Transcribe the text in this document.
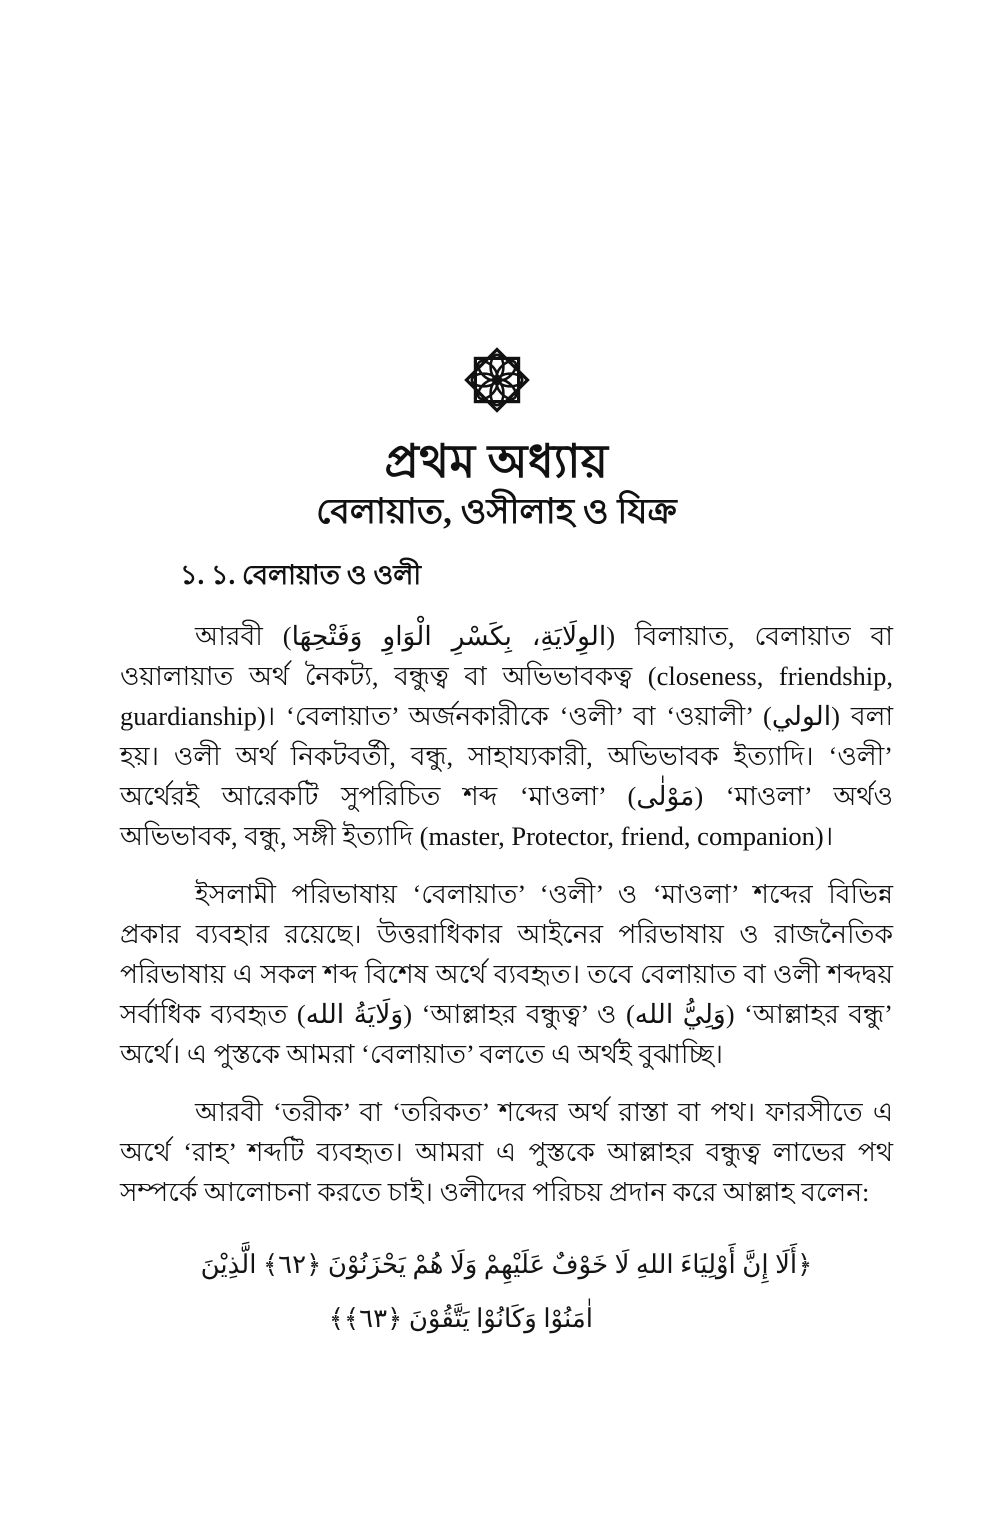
প্রথম অধ্যায়
বেলায়াত, ওসীলাহ ও যিক্র
১. ১. বেলায়াত ও ওলী

আরবী (الوِلَايَةِ، بِكَسْرِ الْوَاوِ وَفَتْحِهَا) বিলায়াত, বেলায়াত বা ওয়ালায়াত অর্থ নৈকট্য, বন্ধুত্ব বা অভিভাবকত্ব (closeness, friendship, guardianship)। ‘বেলায়াত’ অর্জনকারীকে ‘ওলী’ বা ‘ওয়ালী’ (الولي) বলা হয়। ওলী অর্থ নিকটবর্তী, বন্ধু, সাহায্যকারী, অভিভাবক ইত্যাদি। ‘ওলী’ অর্থেরই আরেকটি সুপরিচিত শব্দ ‘মাওলা’ (مَوْلٰى) ‘মাওলা’ অর্থও অভিভাবক, বন্ধু, সঙ্গী ইত্যাদি (master, Protector, friend, companion)।

ইসলামী পরিভাষায় ‘বেলায়াত’ ‘ওলী’ ও ‘মাওলা’ শব্দের বিভিন্ন প্রকার ব্যবহার রয়েছে। উত্তরাধিকার আইনের পরিভাষায় ও রাজনৈতিক পরিভাষায় এ সকল শব্দ বিশেষ অর্থে ব্যবহৃত। তবে বেলায়াত বা ওলী শব্দদ্বয় সর্বাধিক ব্যবহৃত (وَلَايَةُ الله) ‘আল্লাহর বন্ধুত্ব’ ও (وَلِيُّ الله) ‘আল্লাহর বন্ধু’ অর্থে। এ পুস্তকে আমরা ‘বেলায়াত’ বলতে এ অর্থই বুঝাচ্ছি।

আরবী ‘তরীক’ বা ‘তরিকত’ শব্দের অর্থ রাস্তা বা পথ। ফারসীতে এ অর্থে ‘রাহ’ শব্দটি ব্যবহৃত। আমরা এ পুস্তকে আল্লাহর বন্ধুত্ব লাভের পথ সম্পর্কে আলোচনা করতে চাই। ওলীদের পরিচয় প্রদান করে আল্লাহ বলেন:

﴿أَلَا إِنَّ أَوْلِيَاءَ اللهِ لَا خَوْفٌ عَلَيْهِمْ وَلَا هُمْ يَحْزَنُوْنَ ﴿٦٢﴾ الَّذِيْنَ
اٰمَنُوْا وَكَانُوْا يَتَّقُوْنَ ﴿٦٣﴾﴾
